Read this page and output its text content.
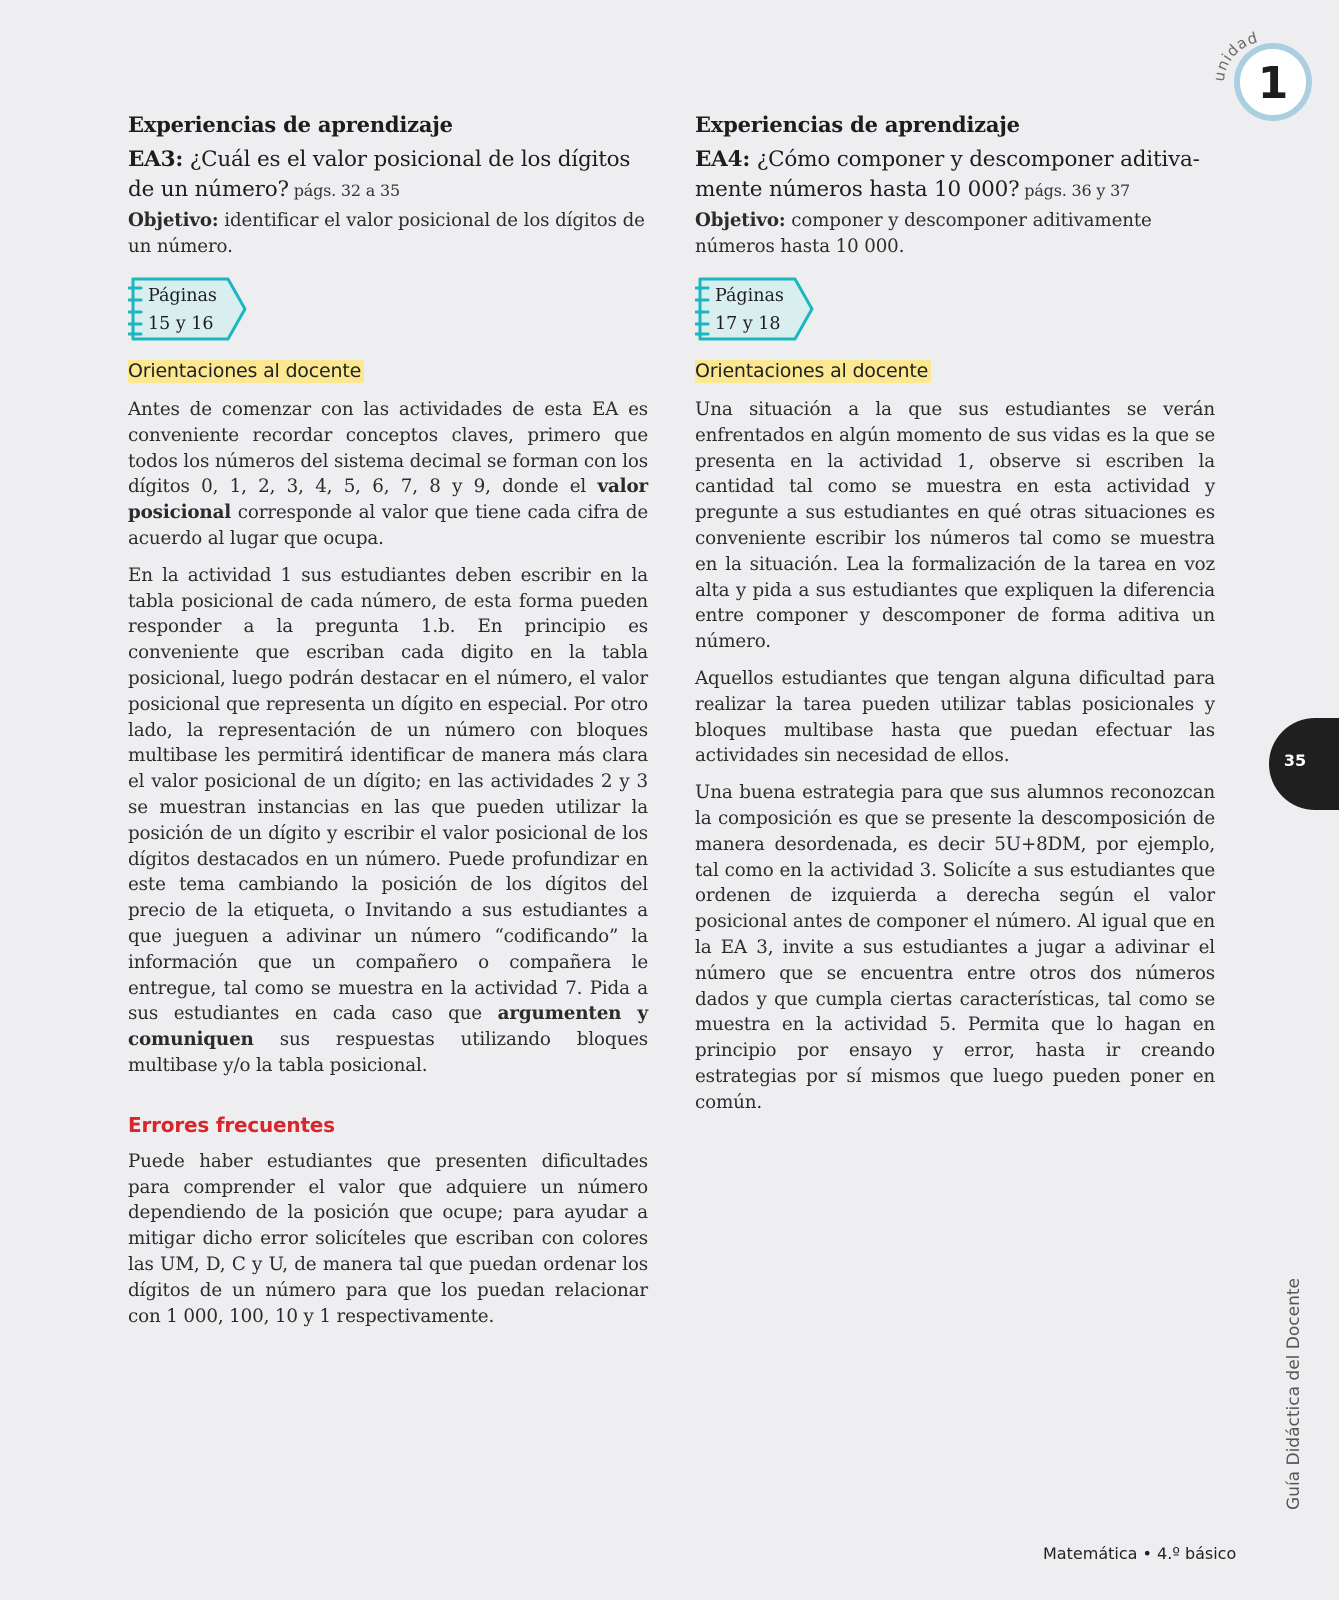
unidad
1
Experiencias de aprendizaje

EA3: ¿Cuál es el valor posicional de los dígitos
de un número? págs. 32 a 35

Objetivo: identificar el valor posicional de los dígitos de un número.

Páginas
15 y 16
Orientaciones al docente

Antes de comenzar con las actividades de esta EA es conveniente recordar conceptos claves, primero que todos los números del sistema decimal se forman con los dígitos 0, 1, 2, 3, 4, 5, 6, 7, 8 y 9, donde el valor posicional corresponde al valor que tiene cada cifra de acuerdo al lugar que ocupa.

En la actividad 1 sus estudiantes deben escribir en la tabla posicional de cada número, de esta forma pueden responder a la pregunta 1.b. En principio es conveniente que escriban cada digito en la tabla posicional, luego podrán destacar en el número, el valor posicional que representa un dígito en especial. Por otro lado, la representación de un número con bloques multibase les permitirá identificar de manera más clara el valor posicional de un dígito; en las actividades 2 y 3 se muestran instancias en las que pueden utilizar la posición de un dígito y escribir el valor posicional de los dígitos destacados en un número. Puede profundizar en este tema cambiando la posición de los dígitos del precio de la etiqueta, o Invitando a sus estudiantes a que jueguen a adivinar un número “codificando” la información que un compañero o compañera le entregue, tal como se muestra en la actividad 7. Pida a sus estudiantes en cada caso que argumenten y comuniquen sus respuestas utilizando bloques multibase y/o la tabla posicional.

Errores frecuentes

Puede haber estudiantes que presenten dificultades para comprender el valor que adquiere un número dependiendo de la posición que ocupe; para ayudar a mitigar dicho error solicíteles que escriban con colores las UM, D, C y U, de manera tal que puedan ordenar los dígitos de un número para que los puedan relacionar con 1 000, 100, 10 y 1 respectivamente.

Experiencias de aprendizaje

EA4: ¿Cómo componer y descomponer aditiva-
mente números hasta 10 000? págs. 36 y 37

Objetivo: componer y descomponer aditivamente números hasta 10 000.

Páginas
17 y 18
Orientaciones al docente

Una situación a la que sus estudiantes se verán enfrentados en algún momento de sus vidas es la que se presenta en la actividad 1, observe si escriben la cantidad tal como se muestra en esta actividad y pregunte a sus estudiantes en qué otras situaciones es conveniente escribir los números tal como se muestra en la situación. Lea la formalización de la tarea en voz alta y pida a sus estudiantes que expliquen la diferencia entre componer y descomponer de forma aditiva un número.

Aquellos estudiantes que tengan alguna dificultad para realizar la tarea pueden utilizar tablas posicionales y bloques multibase hasta que puedan efectuar las actividades sin necesidad de ellos.

Una buena estrategia para que sus alumnos reconozcan la composición es que se presente la descomposición de manera desordenada, es decir 5U+8DM, por ejemplo, tal como en la actividad 3. Solicíte a sus estudiantes que ordenen de izquierda a derecha según el valor posicional antes de componer el número. Al igual que en la EA 3, invite a sus estudiantes a jugar a adivinar el número que se encuentra entre otros dos números dados y que cumpla ciertas características, tal como se muestra en la actividad 5. Permita que lo hagan en principio por ensayo y error, hasta ir creando estrategias por sí mismos que luego pueden poner en común.

35
Guía Didáctica del Docente
Matemática • 4.º básico
